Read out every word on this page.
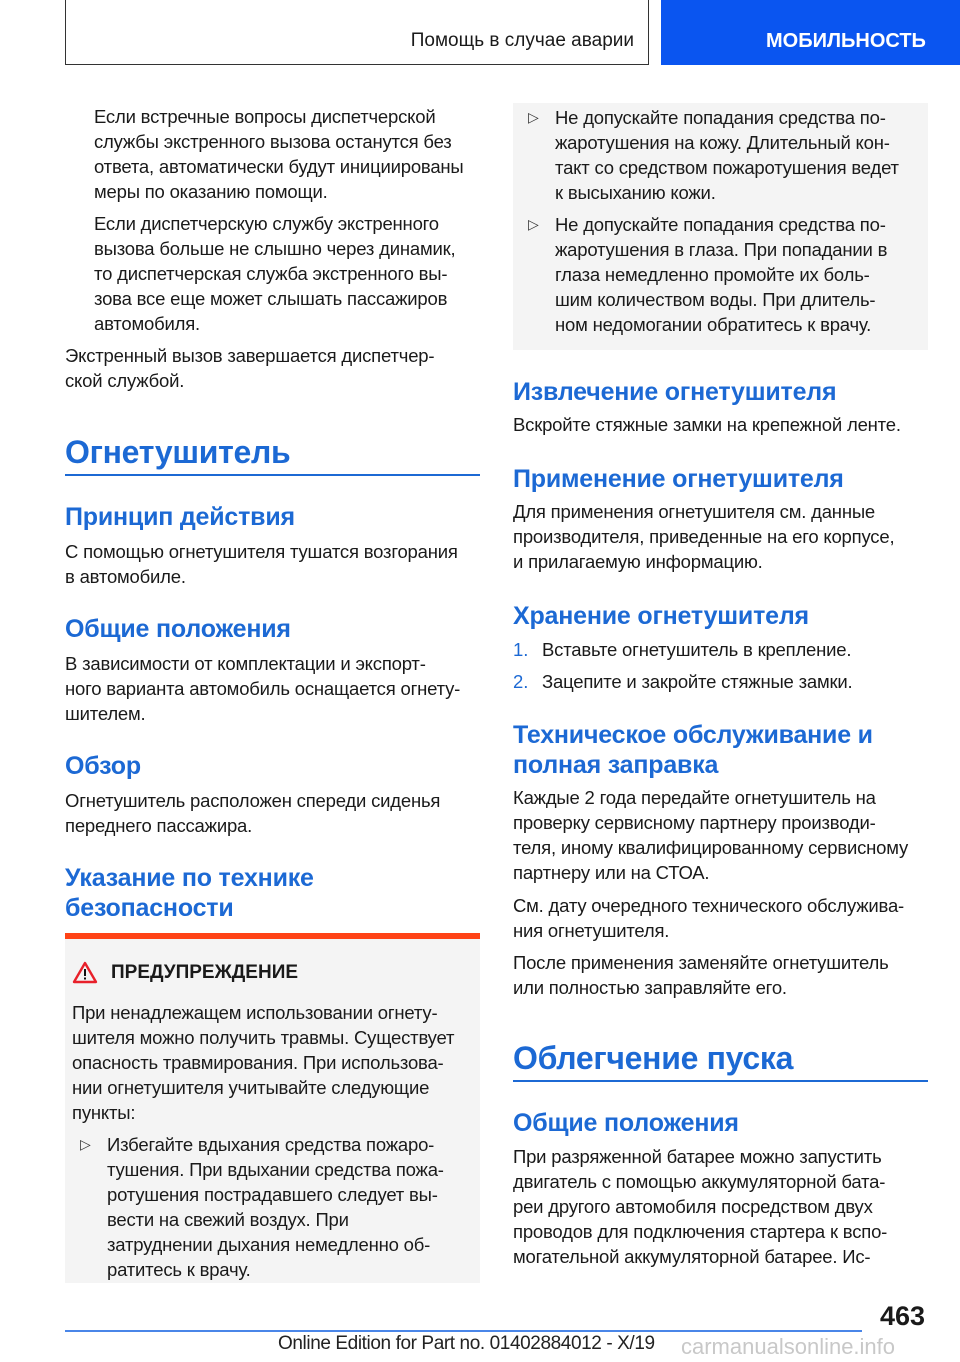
Помощь в случае аварии	МОБИЛЬНОСТЬ
Если встречные вопросы диспетчерской
службы экстренного вызова останутся без
ответа, автоматически будут инициированы
меры по оказанию помощи.
Если диспетчерскую службу экстренного
вызова больше не слышно через динамик,
то диспетчерская служба экстренного вы-
зова все еще может слышать пассажиров
автомобиля.
Экстренный вызов завершается диспетчер-
ской службой.
Огнетушитель
Принцип действия
С помощью огнетушителя тушатся возгорания
в автомобиле.
Общие положения
В зависимости от комплектации и экспорт-
ного варианта автомобиль оснащается огнету-
шителем.
Обзор
Огнетушитель расположен спереди сиденья
переднего пассажира.
Указание по технике
безопасности
ПРЕДУПРЕЖДЕНИЕ
При ненадлежащем использовании огнету-
шителя можно получить травмы. Существует
опасность травмирования. При использова-
нии огнетушителя учитывайте следующие
пункты:
▷ Избегайте вдыхания средства пожаро-
тушения. При вдыхании средства пожа-
ротушения пострадавшего следует вы-
вести на свежий воздух. При
затруднении дыхания немедленно об-
ратитесь к врачу.
▷ Не допускайте попадания средства по-
жаротушения на кожу. Длительный кон-
такт со средством пожаротушения ведет
к высыханию кожи.
▷ Не допускайте попадания средства по-
жаротушения в глаза. При попадании в
глаза немедленно промойте их боль-
шим количеством воды. При длитель-
ном недомогании обратитесь к врачу.
Извлечение огнетушителя
Вскройте стяжные замки на крепежной ленте.
Применение огнетушителя
Для применения огнетушителя см. данные
производителя, приведенные на его корпусе,
и прилагаемую информацию.
Хранение огнетушителя
1. Вставьте огнетушитель в крепление.
2. Зацепите и закройте стяжные замки.
Техническое обслуживание и
полная заправка
Каждые 2 года передайте огнетушитель на
проверку сервисному партнеру производи-
теля, иному квалифицированному сервисному
партнеру или на СТОА.
См. дату очередного технического обслужива-
ния огнетушителя.
После применения заменяйте огнетушитель
или полностью заправляйте его.
Облегчение пуска
Общие положения
При разряженной батарее можно запустить
двигатель с помощью аккумуляторной бата-
реи другого автомобиля посредством двух
проводов для подключения стартера к вспо-
могательной аккумуляторной батарее. Ис-
463
Online Edition for Part no. 01402884012 - X/19 carmanualsonline.info
